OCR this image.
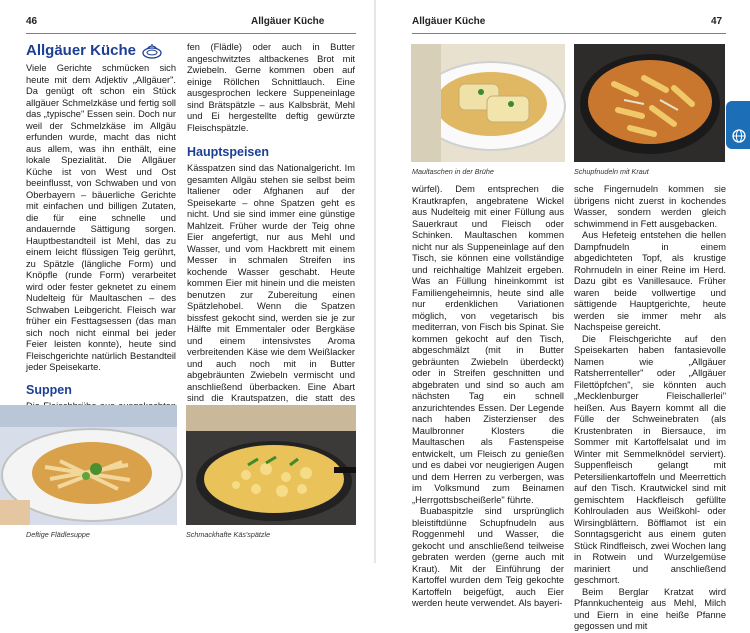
46	Allgäuer Küche
Allgäuer Küche

Viele Gerichte schmücken sich heute mit dem Adjektiv „Allgäuer". Da genügt oft schon ein Stück allgäuer Schmelzkäse und fertig soll das „typische" Essen sein. Doch nur weil der Schmelzkäse im Allgäu erfunden wurde, macht das nicht aus allem, was ihn enthält, eine lokale Spezialität. Die Allgäuer Küche ist von West und Ost beeinflusst, von Schwaben und von Oberbayern – bäuerliche Gerichte mit einfachen und billigen Zutaten, die für eine schnelle und andauernde Sättigung sorgen. Hauptbestandteil ist Mehl, das zu einem leicht flüssigen Teig gerührt, zu Spätzle (längliche Form) und Knöpfle (runde Form) verarbeitet wird oder fester geknetet zu einem Nudelteig für Maultaschen – des Schwaben Leibgericht. Fleisch war früher ein Festtagsessen (das man sich noch nicht einmal bei jeder Feier leisten konnte), heute sind Fleischgerichte natürlich Bestandteil jeder Speisekarte.

Suppen

fen (Flädle) oder auch in Butter angeschwitztes altbackenes Brot mit Zwiebeln. Gerne kommen oben auf einige Röllchen Schnittlauch. Eine ausgesprochen leckere Suppeneinlage sind Brätspätzle – aus Kalbsbrät, Mehl und Ei hergestellte deftig gewürzte Fleischspätzle.

Hauptspeisen

Kässpatzen sind das Nationalgericht. Im gesamten Allgäu stehen sie selbst beim Italiener oder Afghanen auf der Speisekarte – ohne Spatzen geht es nicht. Und sie sind immer eine günstige Mahlzeit. Früher wurde der Teig ohne Eier angefertigt, nur aus Mehl und Wasser, und vom Hackbrett mit einem Messer in schmalen Streifen ins kochende Wasser geschabt. Heute kommen Eier mit hinein und die meisten benutzen zur Zubereitung einen Spätzlehobel. Wenn die Spatzen bissfest gekocht sind, werden sie je zur Hälfte mit Emmentaler oder Bergkäse und einem intensivstes Aroma verbreitenden Käse wie dem Weißlacker und auch noch mit in Butter abgebräunten Zwiebeln vermischt und anschließend überbacken. Eine Abart sind die Krautspatzen, die statt des

Deftige Flädlesuppe	Schmackhafte Käs'spätzle
Allgäuer Küche	47
Maultaschen in der Brühe	Schupfnudeln mit Kraut

würfel). Dem entsprechen die Krautkrapfen, angebratene Wickel aus Nudelteig mit einer Füllung aus Sauerkraut und Fleisch oder Schinken. Maultaschen kommen nicht nur als Suppeneinlage auf den Tisch, sie können eine vollständige und reichhaltige Mahlzeit ergeben. Was an Füllung hineinkommt ist Familiengeheimnis, heute sind alle nur erdenklichen Variationen möglich, von vegetarisch bis mediterran, von Fisch bis Spinat. Sie kommen gekocht auf den Tisch, abgeschmälzt (mit in Butter gebräunten Zwiebeln überdeckt) oder in Streifen geschnitten und abgebraten und sind so auch am nächsten Tag ein schnell anzurichtendes Essen. Der Legende nach haben Zisterzienser des Maulbronner Klosters die Maultaschen als Fastenspeise entwickelt, um Fleisch zu genießen und es dabei vor neugierigen Augen und dem Herren zu verbergen, was im Volksmund zum Beinamen „Herrgottsbscheißerle" führte.

Buabaspitzle sind ursprünglich bleistiftdünne Schupfnudeln aus Roggenmehl und Wasser, die gekocht und anschließend teilweise gebraten werden (gerne auch mit Kraut). Mit der Einführung der Kartoffel wurden dem Teig gekochte Kartoffeln beigefügt, auch Eier werden heute verwendet. Als bayeri-

sche Fingernudeln kommen sie übrigens nicht zuerst in kochendes Wasser, sondern werden gleich schwimmend in Fett ausgebacken.

Aus Hefeteig entstehen die hellen Dampfnudeln in einem abgedichteten Topf, als krustige Rohrnudeln in einer Reine im Herd. Dazu gibt es Vanillesauce. Früher waren beide vollwertige und sättigende Hauptgerichte, heute werden sie immer mehr als Nachspeise gereicht.

Die Fleischgerichte auf den Speisekarten haben fantasievolle Namen wie „Allgäuer Ratsherrenteller" oder „Allgäuer Filettöpfchen", sie könnten auch „Mecklenburger Fleischallerlei" heißen. Aus Bayern kommt all die Fülle der Schweinebraten (als Krustenbraten in Biersauce, im Sommer mit Kartoffelsalat und im Winter mit Semmelknödel serviert). Suppenfleisch gelangt mit Petersilienkartoffeln und Meerrettich auf den Tisch. Krautwickel sind mit gemischtem Hackfleisch gefüllte Kohlrouladen aus Weißkohl- oder Wirsingblättern. Böfflamot ist ein Sonntagsgericht aus einem guten Stück Rindfleisch, zwei Wochen lang in Rotwein und Wurzelgemüse mariniert und anschließend geschmort.

Beim Berglar Kratzat wird Pfannkuchenteig aus Mehl, Milch und Eiern in eine heiße Pfanne gegossen und mit
